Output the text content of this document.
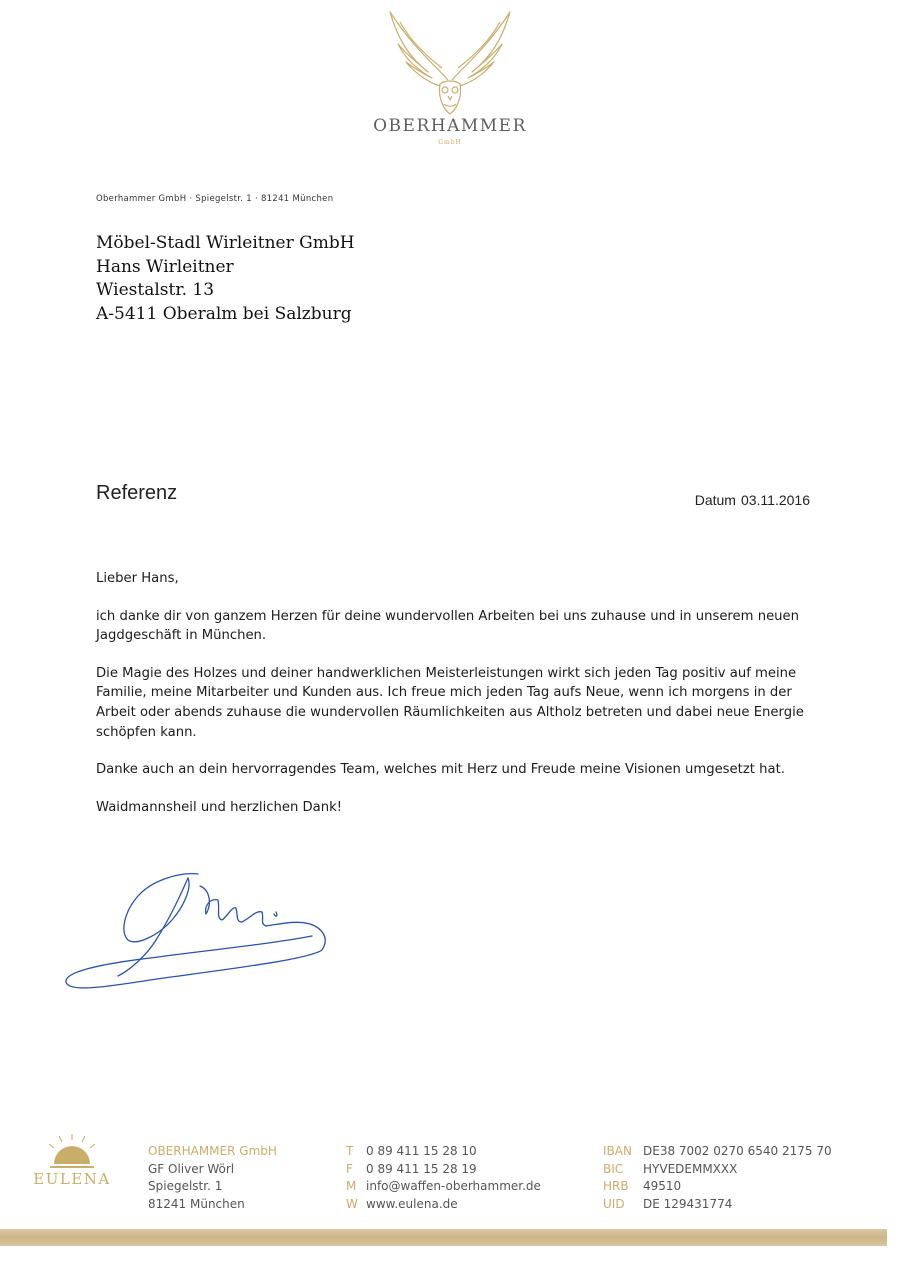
OBERHAMMER
GmbH
Oberhammer GmbH · Spiegelstr. 1 · 81241 München
Möbel-Stadl Wirleitner GmbH
Hans Wirleitner
Wiestalstr. 13
A-5411 Oberalm bei Salzburg
Referenz	Datum 03.11.2016

Lieber Hans,

ich danke dir von ganzem Herzen für deine wundervollen Arbeiten bei uns zuhause und in unserem neuen Jagdgeschäft in München.

Die Magie des Holzes und deiner handwerklichen Meisterleistungen wirkt sich jeden Tag positiv auf meine Familie, meine Mitarbeiter und Kunden aus. Ich freue mich jeden Tag aufs Neue, wenn ich morgens in der Arbeit oder abends zuhause die wundervollen Räumlichkeiten aus Altholz betreten und dabei neue Energie schöpfen kann.

Danke auch an dein hervorragendes Team, welches mit Herz und Freude meine Visionen umgesetzt hat.

Waidmannsheil und herzlichen Dank!

EULENA
OBERHAMMER GmbH
GF Oliver Wörl
Spiegelstr. 1
81241 München
T 0 89 411 15 28 10
F 0 89 411 15 28 19
M info@waffen-oberhammer.de
W www.eulena.de
IBAN DE38 7002 0270 6540 2175 70
BIC HYVEDEMMXXX
HRB 49510
UID DE 129431774
